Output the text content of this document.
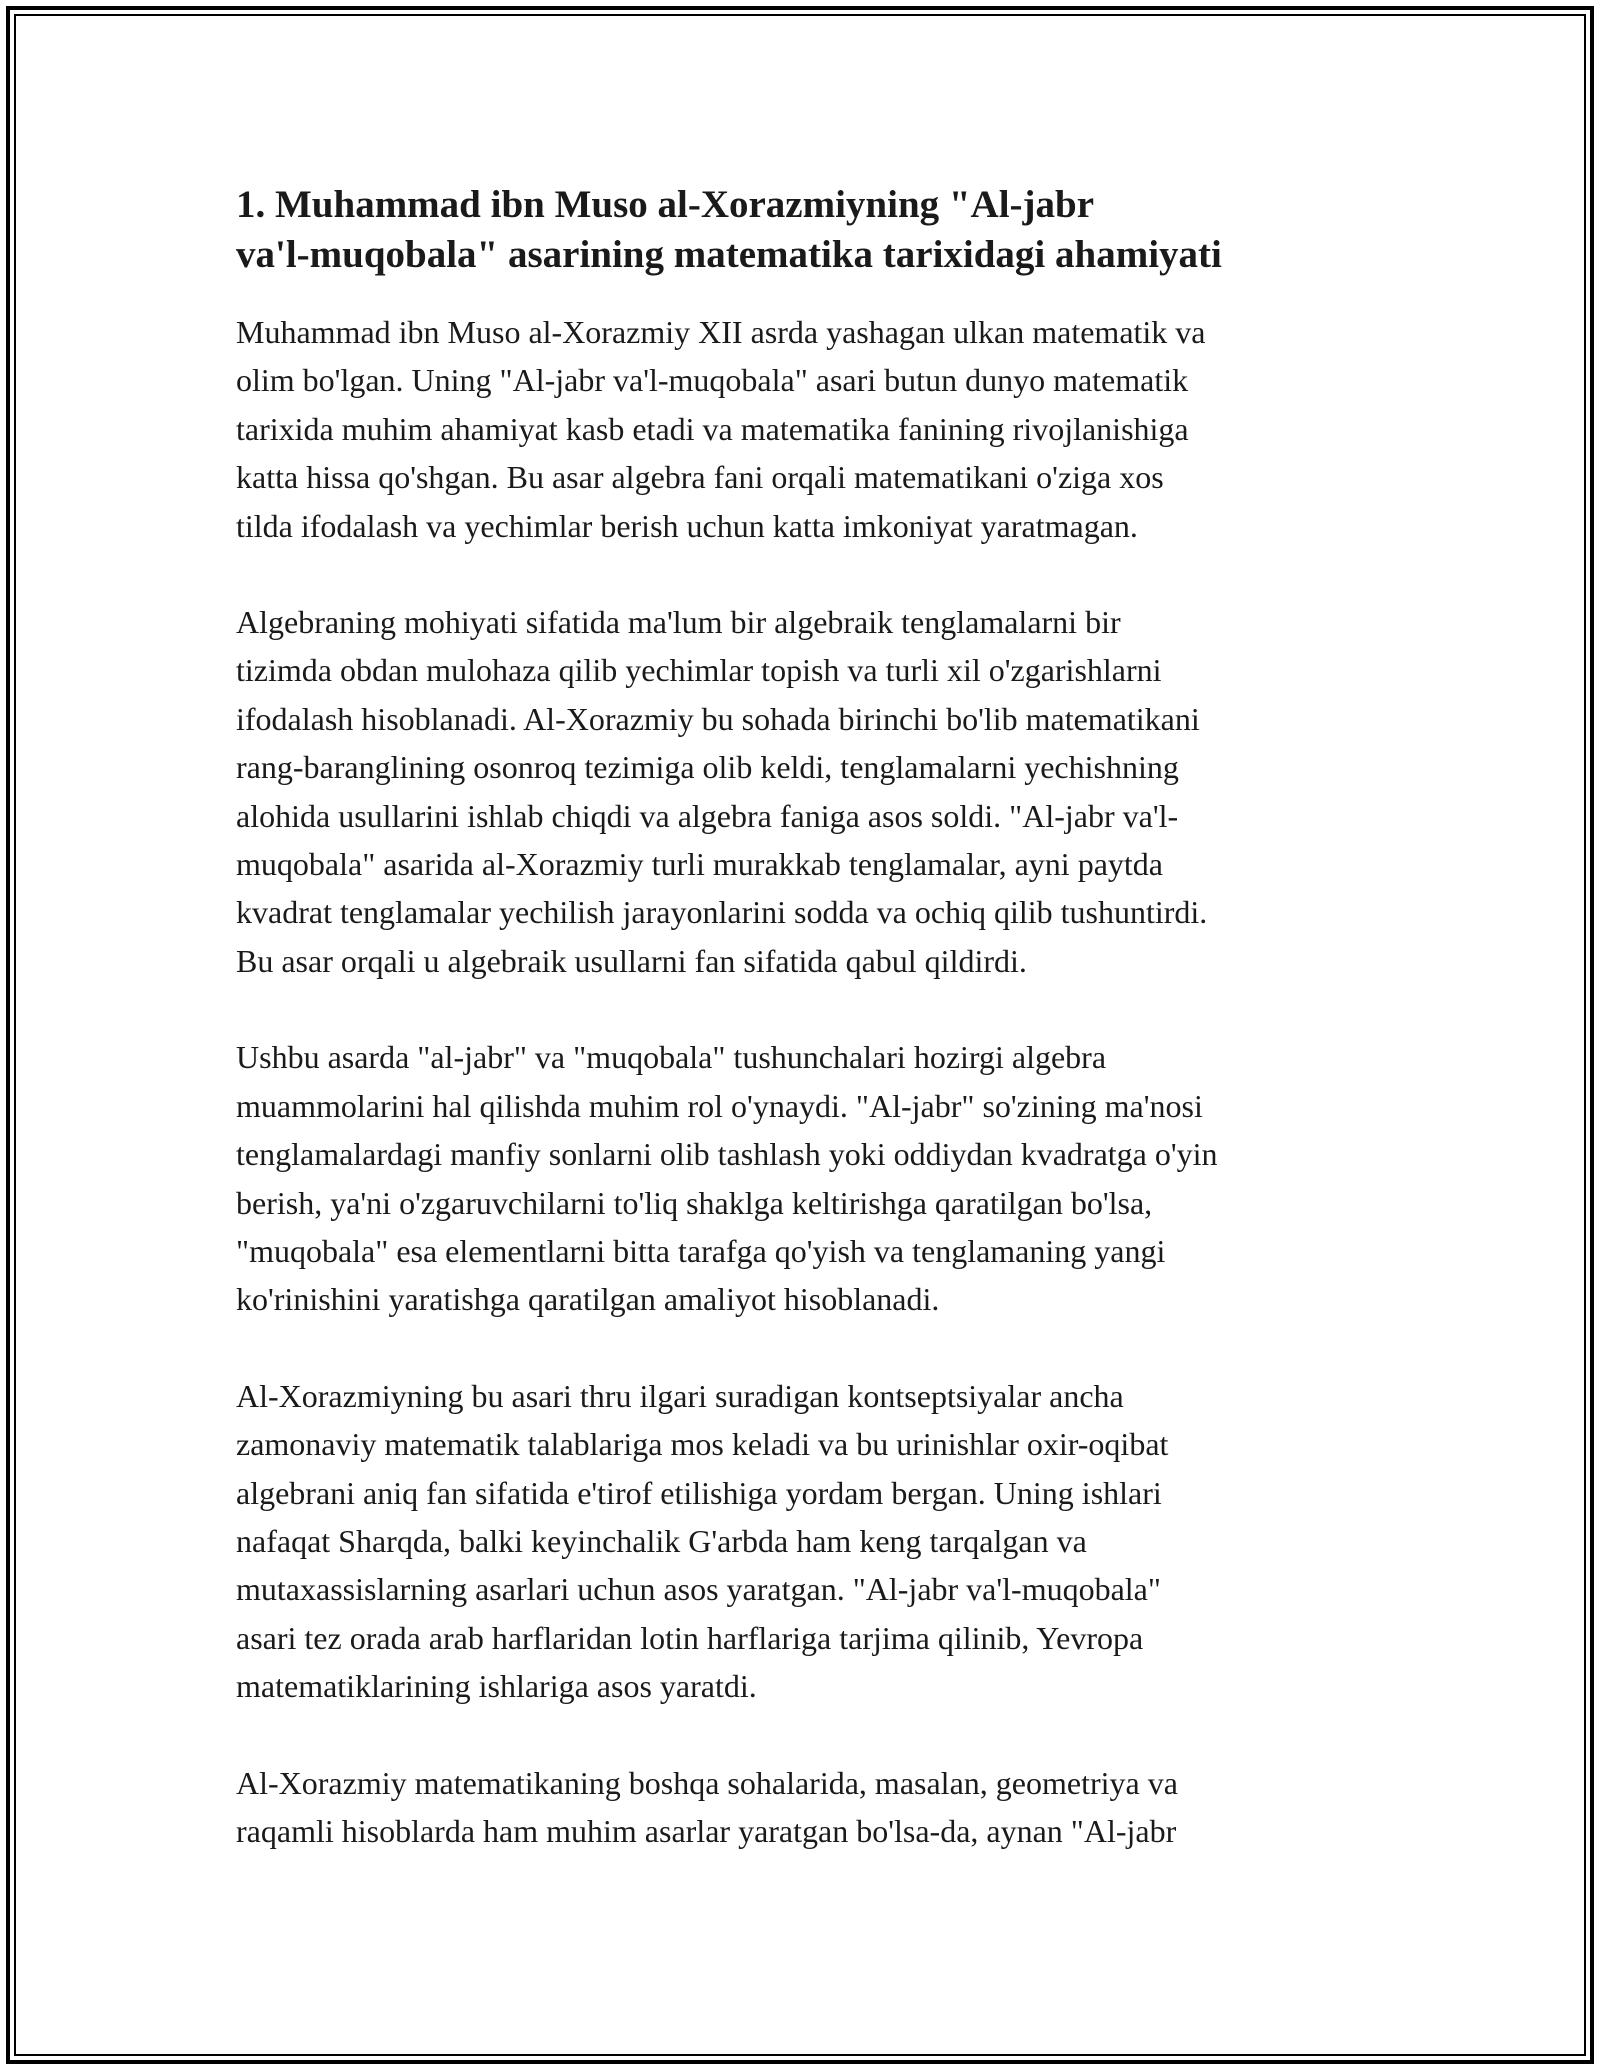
1. Muhammad ibn Muso al-Xorazmiyning "Al-jabr
va'l-muqobala" asarining matematika tarixidagi ahamiyati

Muhammad ibn Muso al-Xorazmiy XII asrda yashagan ulkan matematik va
olim bo'lgan. Uning "Al-jabr va'l-muqobala" asari butun dunyo matematik
tarixida muhim ahamiyat kasb etadi va matematika fanining rivojlanishiga
katta hissa qo'shgan. Bu asar algebra fani orqali matematikani o'ziga xos
tilda ifodalash va yechimlar berish uchun katta imkoniyat yaratmagan.

Algebraning mohiyati sifatida ma'lum bir algebraik tenglamalarni bir
tizimda obdan mulohaza qilib yechimlar topish va turli xil o'zgarishlarni
ifodalash hisoblanadi. Al-Xorazmiy bu sohada birinchi bo'lib matematikani
rang-baranglining osonroq tezimiga olib keldi, tenglamalarni yechishning
alohida usullarini ishlab chiqdi va algebra faniga asos soldi. "Al-jabr va'l-
muqobala" asarida al-Xorazmiy turli murakkab tenglamalar, ayni paytda
kvadrat tenglamalar yechilish jarayonlarini sodda va ochiq qilib tushuntirdi.
Bu asar orqali u algebraik usullarni fan sifatida qabul qildirdi.

Ushbu asarda "al-jabr" va "muqobala" tushunchalari hozirgi algebra
muammolarini hal qilishda muhim rol o'ynaydi. "Al-jabr" so'zining ma'nosi
tenglamalardagi manfiy sonlarni olib tashlash yoki oddiydan kvadratga o'yin
berish, ya'ni o'zgaruvchilarni to'liq shaklga keltirishga qaratilgan bo'lsa,
"muqobala" esa elementlarni bitta tarafga qo'yish va tenglamaning yangi
ko'rinishini yaratishga qaratilgan amaliyot hisoblanadi.

Al-Xorazmiyning bu asari thru ilgari suradigan kontseptsiyalar ancha
zamonaviy matematik talablariga mos keladi va bu urinishlar oxir-oqibat
algebrani aniq fan sifatida e'tirof etilishiga yordam bergan. Uning ishlari
nafaqat Sharqda, balki keyinchalik G'arbda ham keng tarqalgan va
mutaxassislarning asarlari uchun asos yaratgan. "Al-jabr va'l-muqobala"
asari tez orada arab harflaridan lotin harflariga tarjima qilinib, Yevropa
matematiklarining ishlariga asos yaratdi.

Al-Xorazmiy matematikaning boshqa sohalarida, masalan, geometriya va
raqamli hisoblarda ham muhim asarlar yaratgan bo'lsa-da, aynan "Al-jabr
